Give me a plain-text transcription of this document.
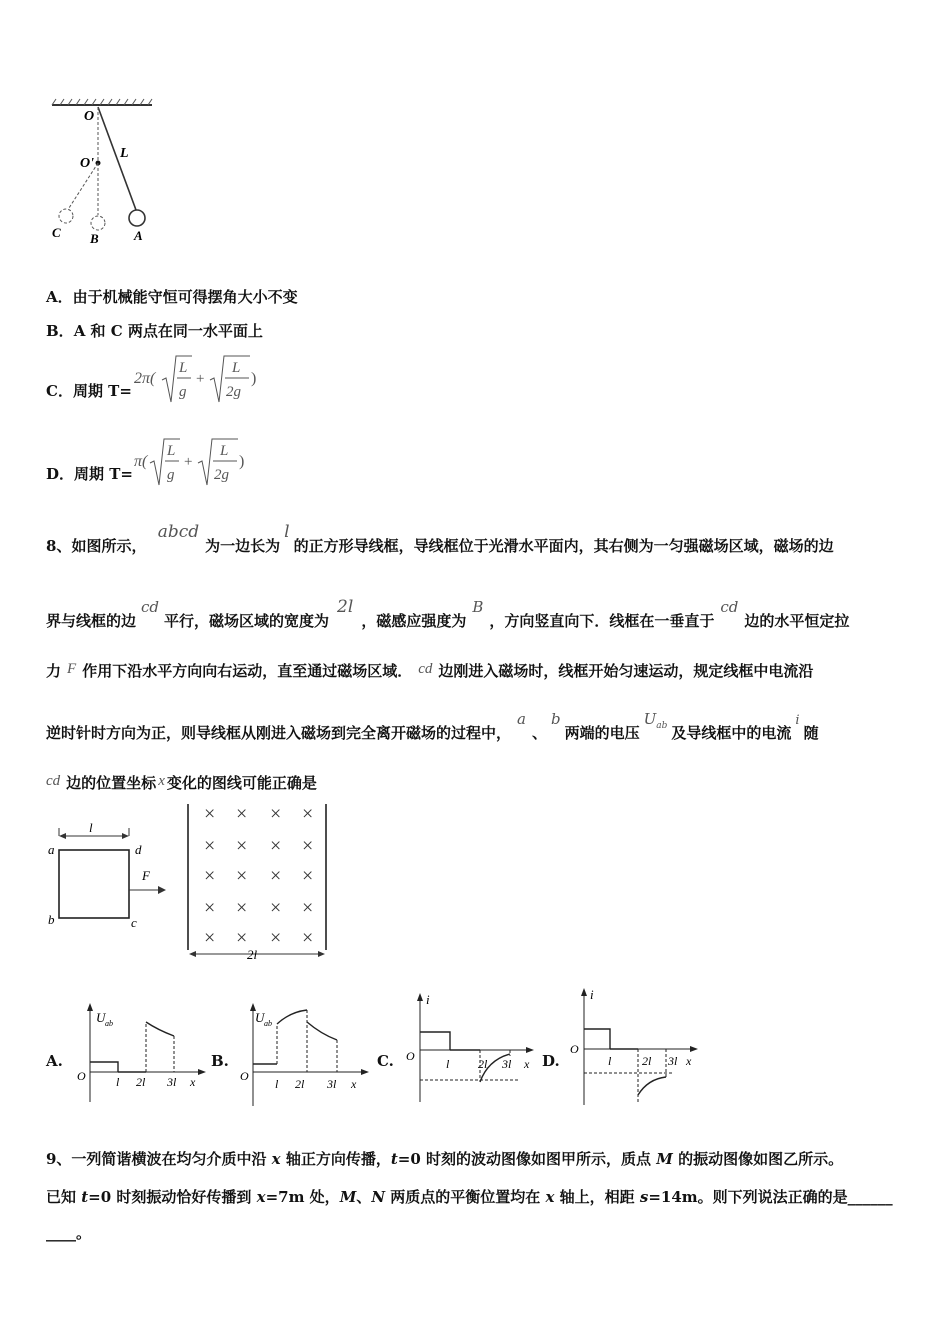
O
O'
L
C B	A
A．由于机械能守恒可得摆角大小不变
B．A 和 C 两点在同一水平面上
C．周期 T=
2π(
L
g
+
L
2g
)
D．周期 T=
π(
L
g
+
L
2g
)
8、如图所示， abcd为一边长为l的正方形导线框，导线框位于光滑水平面内，其右侧为一匀强磁场区域，磁场的边
界与线框的边cd平行，磁场区域的宽度为2l，磁感应强度为B，方向竖直向下．线框在一垂直于cd边的水平恒定拉
力 F 作用下沿水平方向向右运动，直至通过磁场区域． cd 边刚进入磁场时，线框开始匀速运动，规定线框中电流沿
逆时针时方向为正，则导线框从刚进入磁场到完全离开磁场的过程中，a、b两端的电压$U^{ab}$ 及导线框中的电流i随
cd 边的位置坐标 x 变化的图线可能正确是
l
a	d
b	c
F
2l
× × × ×
× × × ×
× × × ×
× × × ×
× × × ×
A.
U ab
O	l 2l 3l x
B.
U ab
O
l 2l 3l x
C.
i
O
l 2l 3l x D.
i
O
l	2l 3l x
9、一列简谐横波在均匀介质中沿 x 轴正方向传播，t=0 时刻的波动图像如图甲所示，质点 M 的振动图像如图乙所示。
已知 t=0 时刻振动恰好传播到 x=7m 处，M、N 两质点的平衡位置均在 x 轴上，相距 s=14m。则下列说法正确的是______
____。
